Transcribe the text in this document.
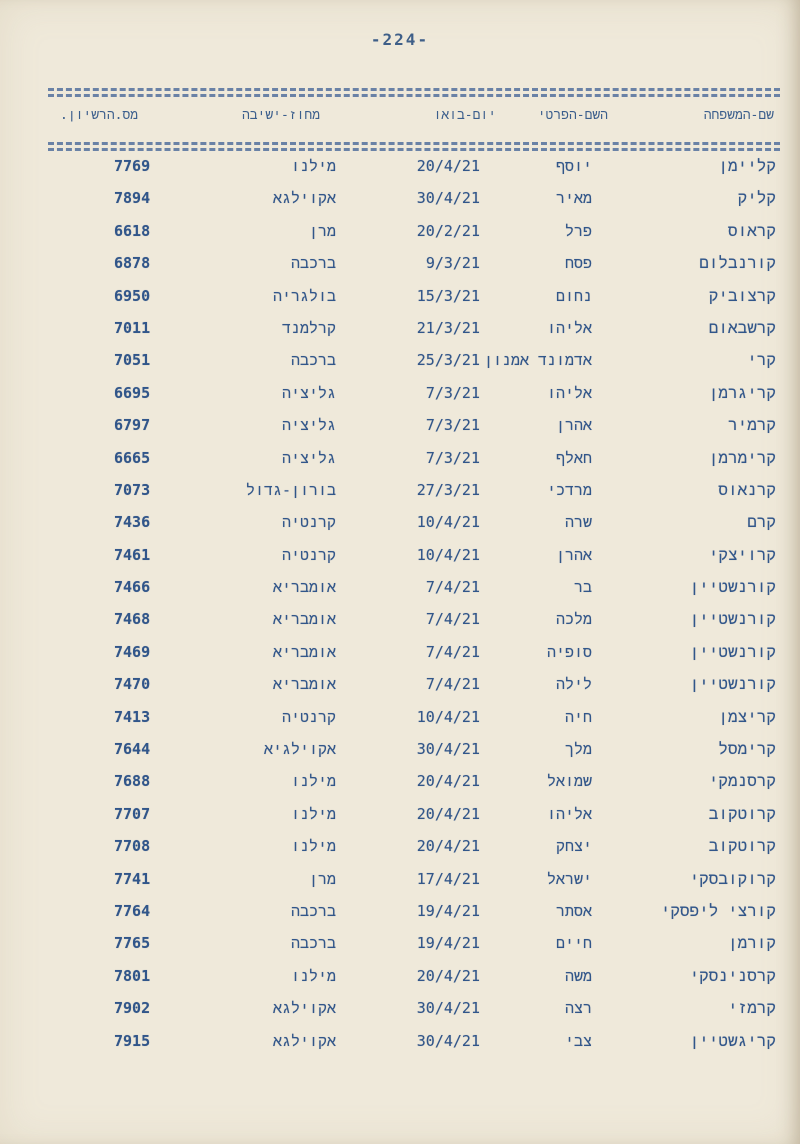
-224-
שם-המשפחה
השם-הפרטי
יום-בואו
מחוז-ישיבה
מס.הרשיון.
קליימן
יוסף
20/4/21
מילנו
7769
קליק
מאיר
30/4/21
אקוילגא
7894
קראוס
פרל
20/2/21
מרן
6618
קורנבלום
פסח
9/3/21
ברכבה
6878
קרצוביק
נחום
15/3/21
בולגריה
6950
קרשבאום
אליהו
21/3/21
קרלמנד
7011
קרי
אדמונד אמנון
25/3/21
ברכבה
7051
קריגרמן
אליהו
7/3/21
גליציה
6695
קרמיר
אהרן
7/3/21
גליציה
6797
קרימרמן
חאלף
7/3/21
גליציה
6665
קרנאוס
מרדכי
27/3/21
בורון-גדול
7073
קרם
שרה
10/4/21
קרנטיה
7436
קרויצקי
אהרן
10/4/21
קרנטיה
7461
קורנשטיין
בר
7/4/21
אומבריא
7466
קורנשטיין
מלכה
7/4/21
אומבריא
7468
קורנשטיין
סופיה
7/4/21
אומבריא
7469
קורנשטיין
לילה
7/4/21
אומבריא
7470
קריצמן
חיה
10/4/21
קרנטיה
7413
קרימסל
מלך
30/4/21
אקוילגיא
7644
קרסנמקי
שמואל
20/4/21
מילנו
7688
קרוטקוב
אליהו
20/4/21
מילנו
7707
קרוטקוב
יצחק
20/4/21
מילנו
7708
קרוקובסקי
ישראל
17/4/21
מרן
7741
קורצי ליפסקי
אסתר
19/4/21
ברכבה
7764
קורמן
חיים
19/4/21
ברכבה
7765
קרסנינסקי
משה
20/4/21
מילנו
7801
קרמזי
רצה
30/4/21
אקוילגא
7902
קריגשטיין
צבי
30/4/21
אקוילגא
7915
